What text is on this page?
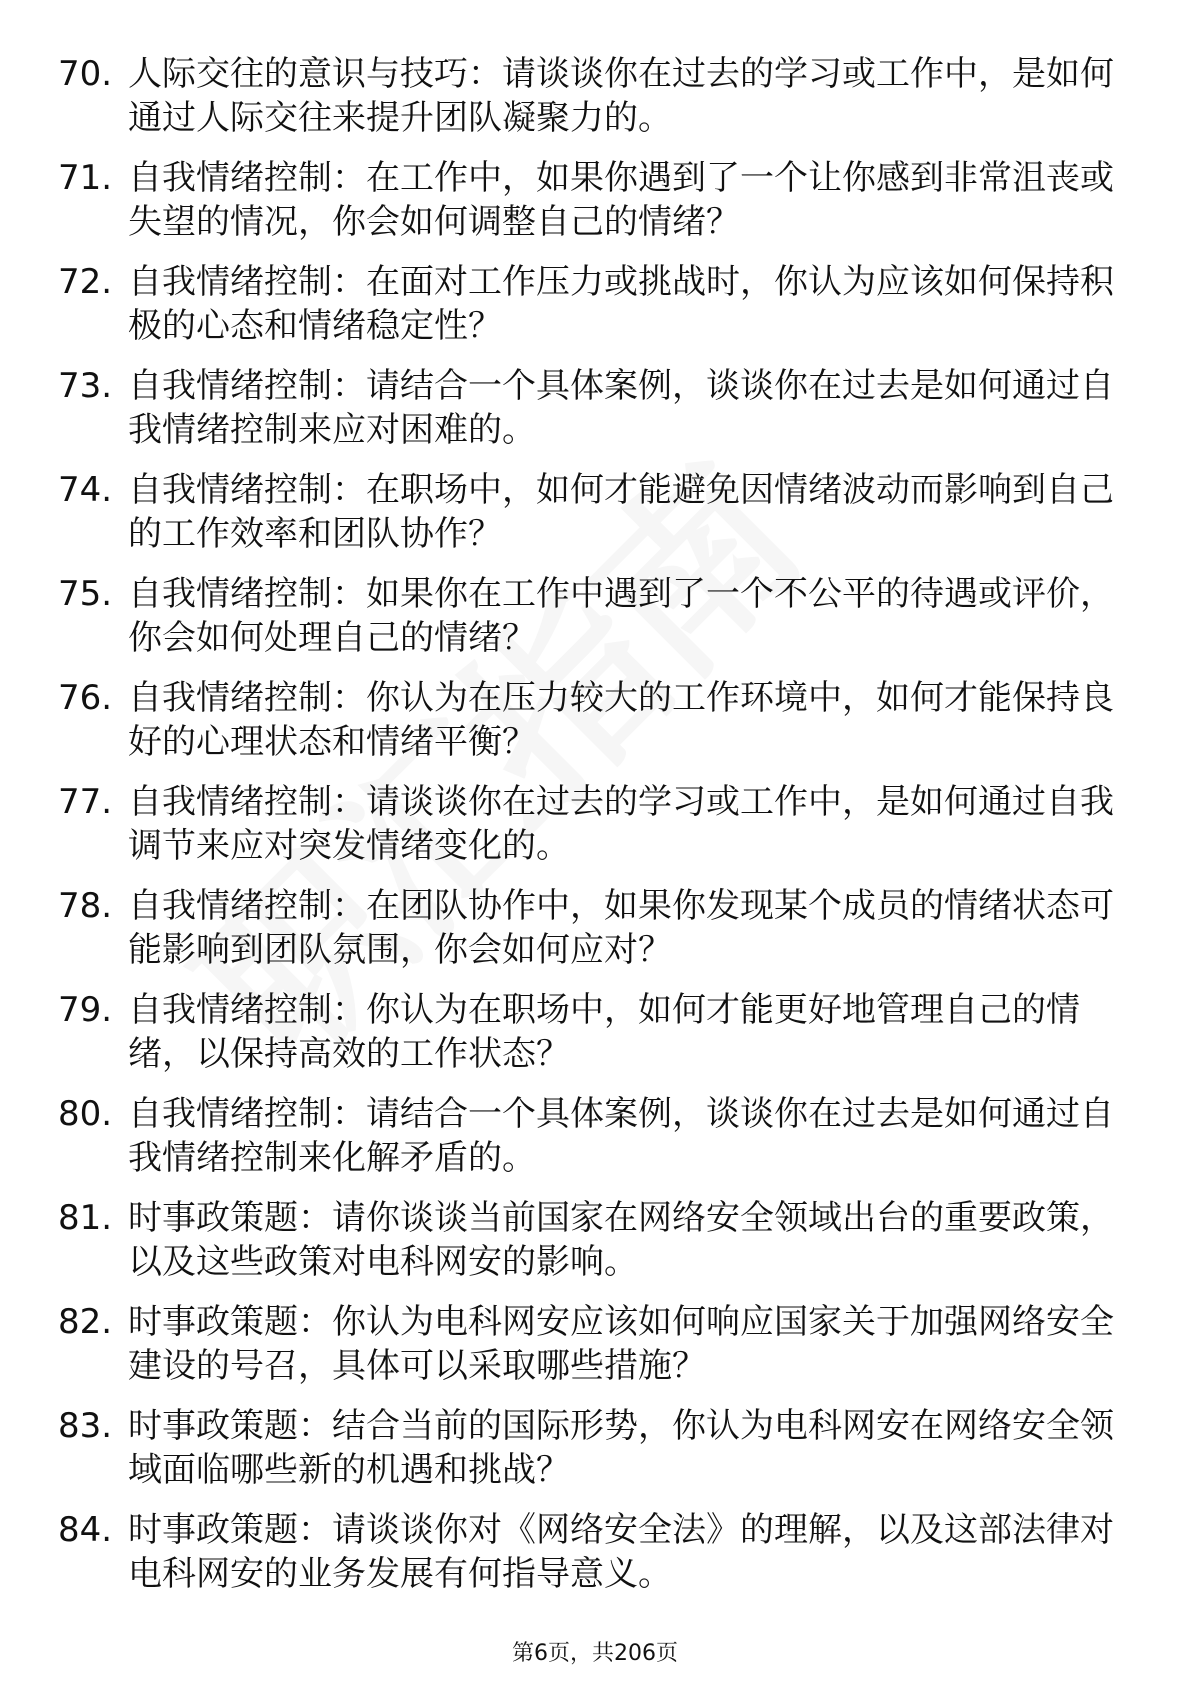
70. 人际交往的意识与技巧：请谈谈你在过去的学习或工作中，是如何通过人际交往来提升团队凝聚力的。
71. 自我情绪控制：在工作中，如果你遇到了一个让你感到非常沮丧或失望的情况，你会如何调整自己的情绪？
72. 自我情绪控制：在面对工作压力或挑战时，你认为应该如何保持积极的心态和情绪稳定性？
73. 自我情绪控制：请结合一个具体案例，谈谈你在过去是如何通过自我情绪控制来应对困难的。
74. 自我情绪控制：在职场中，如何才能避免因情绪波动而影响到自己的工作效率和团队协作？
75. 自我情绪控制：如果你在工作中遇到了一个不公平的待遇或评价，你会如何处理自己的情绪？
76. 自我情绪控制：你认为在压力较大的工作环境中，如何才能保持良好的心理状态和情绪平衡？
77. 自我情绪控制：请谈谈你在过去的学习或工作中，是如何通过自我调节来应对突发情绪变化的。
78. 自我情绪控制：在团队协作中，如果你发现某个成员的情绪状态可能影响到团队氛围，你会如何应对？
79. 自我情绪控制：你认为在职场中，如何才能更好地管理自己的情绪，以保持高效的工作状态？
80. 自我情绪控制：请结合一个具体案例，谈谈你在过去是如何通过自我情绪控制来化解矛盾的。
81. 时事政策题：请你谈谈当前国家在网络安全领域出台的重要政策，以及这些政策对电科网安的影响。
82. 时事政策题：你认为电科网安应该如何响应国家关于加强网络安全建设的号召，具体可以采取哪些措施？
83. 时事政策题：结合当前的国际形势，你认为电科网安在网络安全领域面临哪些新的机遇和挑战？
84. 时事政策题：请谈谈你对《网络安全法》的理解，以及这部法律对电科网安的业务发展有何指导意义。
第6页，共206页
